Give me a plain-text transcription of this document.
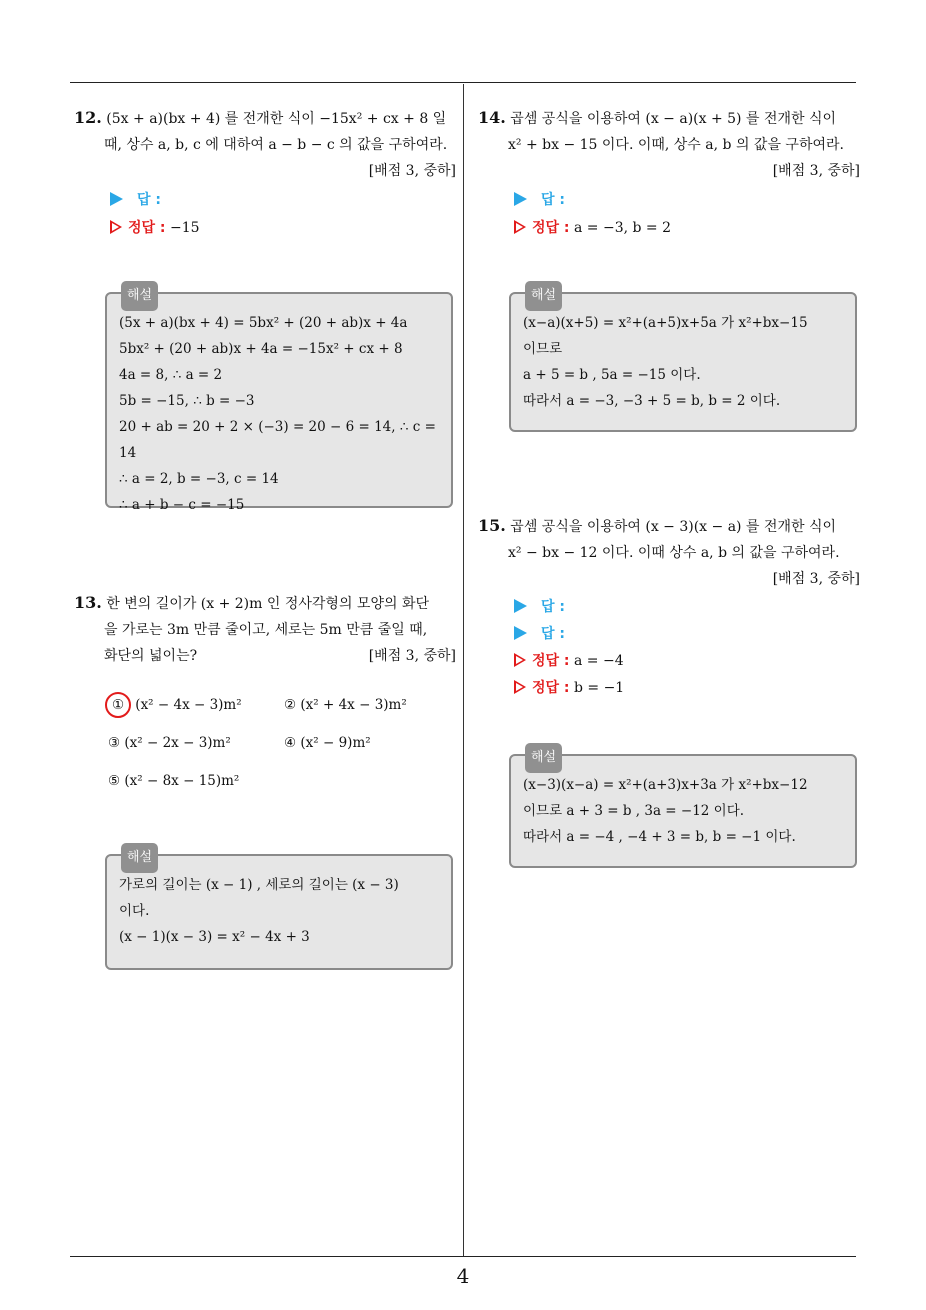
4
12. (5x + a)(bx + 4) 를 전개한 식이 −15x² + cx + 8 일
때, 상수 a, b, c 에 대하여 a − b − c 의 값을 구하여라.
[배점 3, 중하]
답 :
정답 : −15
해설
(5x + a)(bx + 4) = 5bx² + (20 + ab)x + 4a
5bx² + (20 + ab)x + 4a = −15x² + cx + 8
4a = 8, ∴ a = 2
5b = −15, ∴ b = −3
20 + ab = 20 + 2 × (−3) = 20 − 6 = 14, ∴ c = 14
∴ a = 2, b = −3, c = 14
∴ a + b − c = −15
13. 한 변의 길이가 (x + 2)m 인 정사각형의 모양의 화단
을 가로는 3m 만큼 줄이고, 세로는 5m 만큼 줄일 때,
화단의 넓이는?	[배점 3, 중하]
① (x² − 4x − 3)m²	② (x² + 4x − 3)m²
③ (x² − 2x − 3)m²	④ (x² − 9)m²
⑤ (x² − 8x − 15)m²
해설
가로의 길이는 (x − 1) , 세로의 길이는 (x − 3)
이다.
(x − 1)(x − 3) = x² − 4x + 3
14. 곱셈 공식을 이용하여 (x − a)(x + 5) 를 전개한 식이
x² + bx − 15 이다. 이때, 상수 a, b 의 값을 구하여라.
[배점 3, 중하]
답 :
정답 : a = −3, b = 2
해설
(x−a)(x+5) = x²+(a+5)x+5a 가 x²+bx−15
이므로
a + 5 = b , 5a = −15 이다.
따라서 a = −3, −3 + 5 = b, b = 2 이다.
15. 곱셈 공식을 이용하여 (x − 3)(x − a) 를 전개한 식이
x² − bx − 12 이다. 이때 상수 a, b 의 값을 구하여라.
[배점 3, 중하]
답 :
답 :
정답 : a = −4
정답 : b = −1
해설
(x−3)(x−a) = x²+(a+3)x+3a 가 x²+bx−12
이므로 a + 3 = b , 3a = −12 이다.
따라서 a = −4 , −4 + 3 = b, b = −1 이다.
